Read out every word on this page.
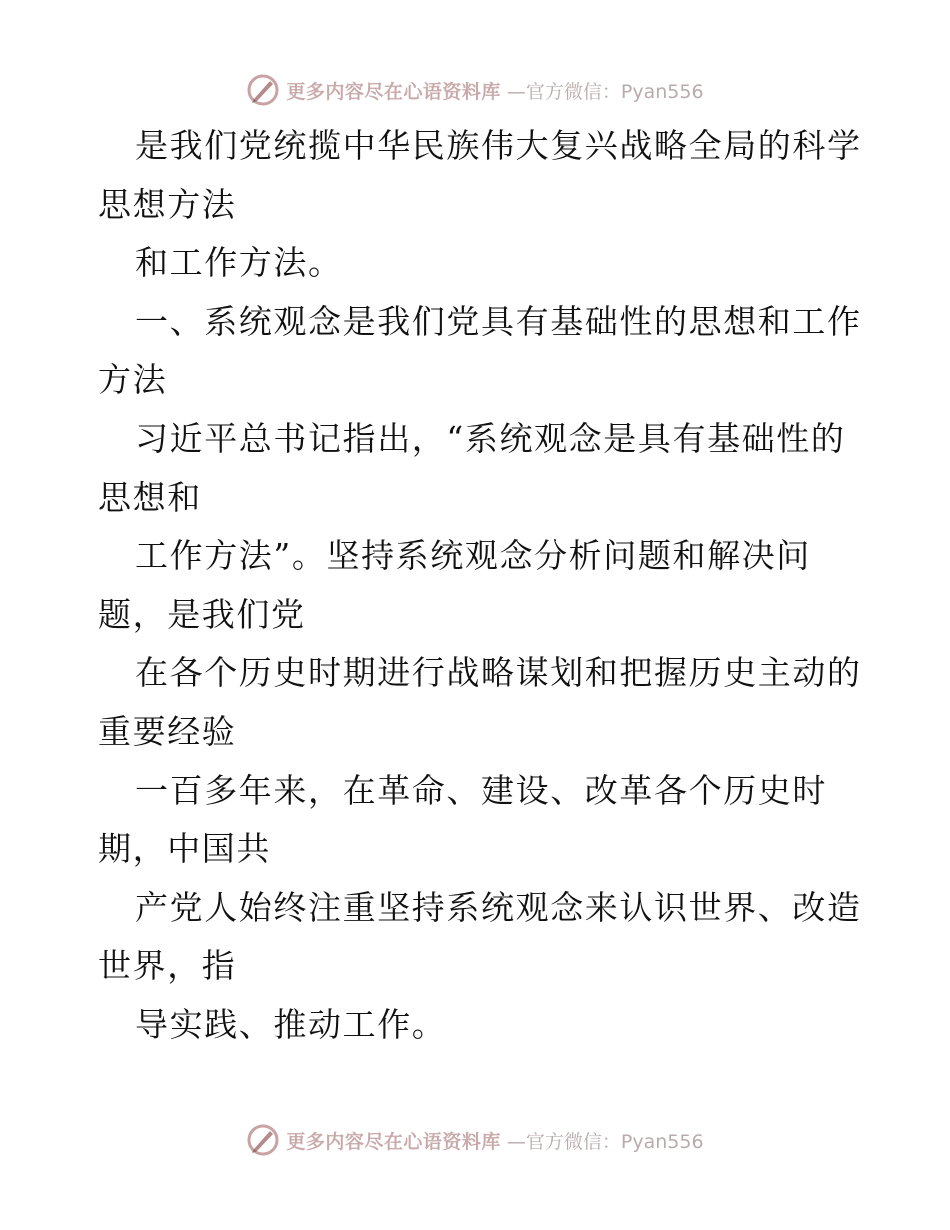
更多内容尽在心语资料库 —官方微信：Pyan556
是我们党统揽中华民族伟大复兴战略全局的科学
思想方法
和工作方法。
一、系统观念是我们党具有基础性的思想和工作
方法
习近平总书记指出，“系统观念是具有基础性的
思想和
工作方法”。坚持系统观念分析问题和解决问
题，是我们党
在各个历史时期进行战略谋划和把握历史主动的
重要经验
一百多年来，在革命、建设、改革各个历史时
期，中国共
产党人始终注重坚持系统观念来认识世界、改造
世界，指
导实践、推动工作。
更多内容尽在心语资料库 —官方微信：Pyan556
